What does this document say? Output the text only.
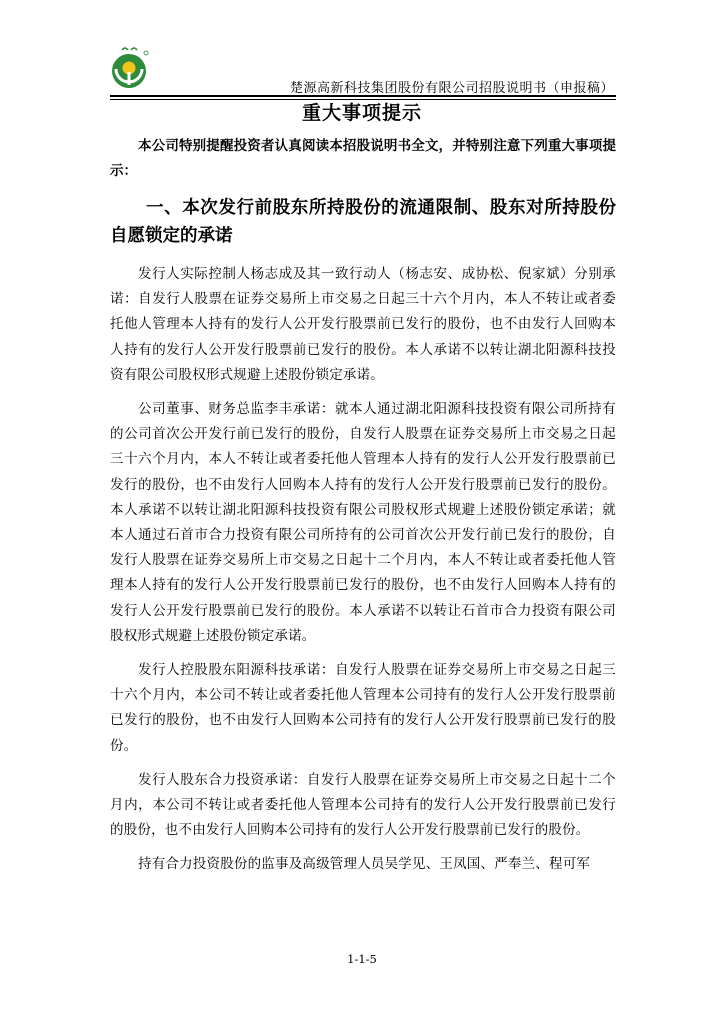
楚源高新科技集团股份有限公司招股说明书（申报稿）
重大事项提示

本公司特别提醒投资者认真阅读本招股说明书全文，并特别注意下列重大事项提示：

一、本次发行前股东所持股份的流通限制、股东对所持股份自愿锁定的承诺

发行人实际控制人杨志成及其一致行动人（杨志安、成协松、倪家斌）分别承诺：自发行人股票在证券交易所上市交易之日起三十六个月内，本人不转让或者委托他人管理本人持有的发行人公开发行股票前已发行的股份，也不由发行人回购本人持有的发行人公开发行股票前已发行的股份。本人承诺不以转让湖北阳源科技投资有限公司股权形式规避上述股份锁定承诺。

公司董事、财务总监李丰承诺：就本人通过湖北阳源科技投资有限公司所持有的公司首次公开发行前已发行的股份，自发行人股票在证券交易所上市交易之日起三十六个月内，本人不转让或者委托他人管理本人持有的发行人公开发行股票前已发行的股份，也不由发行人回购本人持有的发行人公开发行股票前已发行的股份。本人承诺不以转让湖北阳源科技投资有限公司股权形式规避上述股份锁定承诺；就本人通过石首市合力投资有限公司所持有的公司首次公开发行前已发行的股份，自发行人股票在证券交易所上市交易之日起十二个月内，本人不转让或者委托他人管理本人持有的发行人公开发行股票前已发行的股份，也不由发行人回购本人持有的发行人公开发行股票前已发行的股份。本人承诺不以转让石首市合力投资有限公司股权形式规避上述股份锁定承诺。

发行人控股股东阳源科技承诺：自发行人股票在证券交易所上市交易之日起三十六个月内，本公司不转让或者委托他人管理本公司持有的发行人公开发行股票前已发行的股份，也不由发行人回购本公司持有的发行人公开发行股票前已发行的股份。

发行人股东合力投资承诺：自发行人股票在证券交易所上市交易之日起十二个月内，本公司不转让或者委托他人管理本公司持有的发行人公开发行股票前已发行的股份，也不由发行人回购本公司持有的发行人公开发行股票前已发行的股份。

持有合力投资股份的监事及高级管理人员吴学见、王凤国、严奉兰、程可军

1-1-5
